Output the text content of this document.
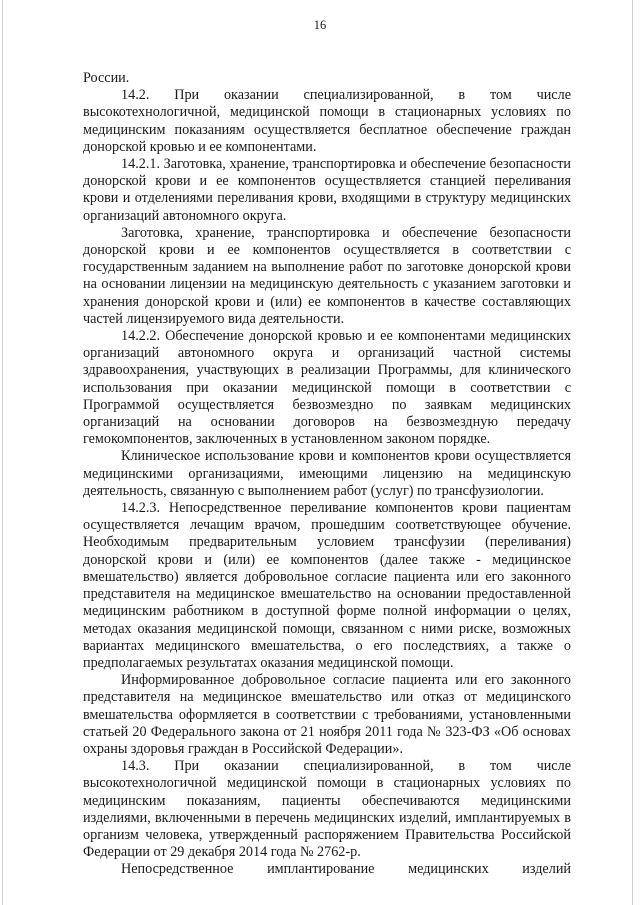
16

России.

14.2. При оказании специализированной, в том числе высокотехнологичной, медицинской помощи в стационарных условиях по медицинским показаниям осуществляется бесплатное обеспечение граждан донорской кровью и ее компонентами.

14.2.1. Заготовка, хранение, транспортировка и обеспечение безопасности донорской крови и ее компонентов осуществляется станцией переливания крови и отделениями переливания крови, входящими в структуру медицинских организаций автономного округа.

Заготовка, хранение, транспортировка и обеспечение безопасности донорской крови и ее компонентов осуществляется в соответствии с государственным заданием на выполнение работ по заготовке донорской крови на основании лицензии на медицинскую деятельность с указанием заготовки и хранения донорской крови и (или) ее компонентов в качестве составляющих частей лицензируемого вида деятельности.

14.2.2. Обеспечение донорской кровью и ее компонентами медицинских организаций автономного округа и организаций частной системы здравоохранения, участвующих в реализации Программы, для клинического использования при оказании медицинской помощи в соответствии с Программой осуществляется безвозмездно по заявкам медицинских организаций на основании договоров на безвозмездную передачу гемокомпонентов, заключенных в установленном законом порядке.

Клиническое использование крови и компонентов крови осуществляется медицинскими организациями, имеющими лицензию на медицинскую деятельность, связанную с выполнением работ (услуг) по трансфузиологии.

14.2.3. Непосредственное переливание компонентов крови пациентам осуществляется лечащим врачом, прошедшим соответствующее обучение. Необходимым предварительным условием трансфузии (переливания) донорской крови и (или) ее компонентов (далее также - медицинское вмешательство) является добровольное согласие пациента или его законного представителя на медицинское вмешательство на основании предоставленной медицинским работником в доступной форме полной информации о целях, методах оказания медицинской помощи, связанном с ними риске, возможных вариантах медицинского вмешательства, о его последствиях, а также о предполагаемых результатах оказания медицинской помощи.

Информированное добровольное согласие пациента или его законного представителя на медицинское вмешательство или отказ от медицинского вмешательства оформляется в соответствии с требованиями, установленными статьей 20 Федерального закона от 21 ноября 2011 года № 323-ФЗ «Об основах охраны здоровья граждан в Российской Федерации».

14.3. При оказании специализированной, в том числе высокотехнологичной медицинской помощи в стационарных условиях по медицинским показаниям, пациенты обеспечиваются медицинскими изделиями, включенными в перечень медицинских изделий, имплантируемых в организм человека, утвержденный распоряжением Правительства Российской Федерации от 29 декабря 2014 года № 2762-р.

Непосредственное имплантирование медицинских изделий
